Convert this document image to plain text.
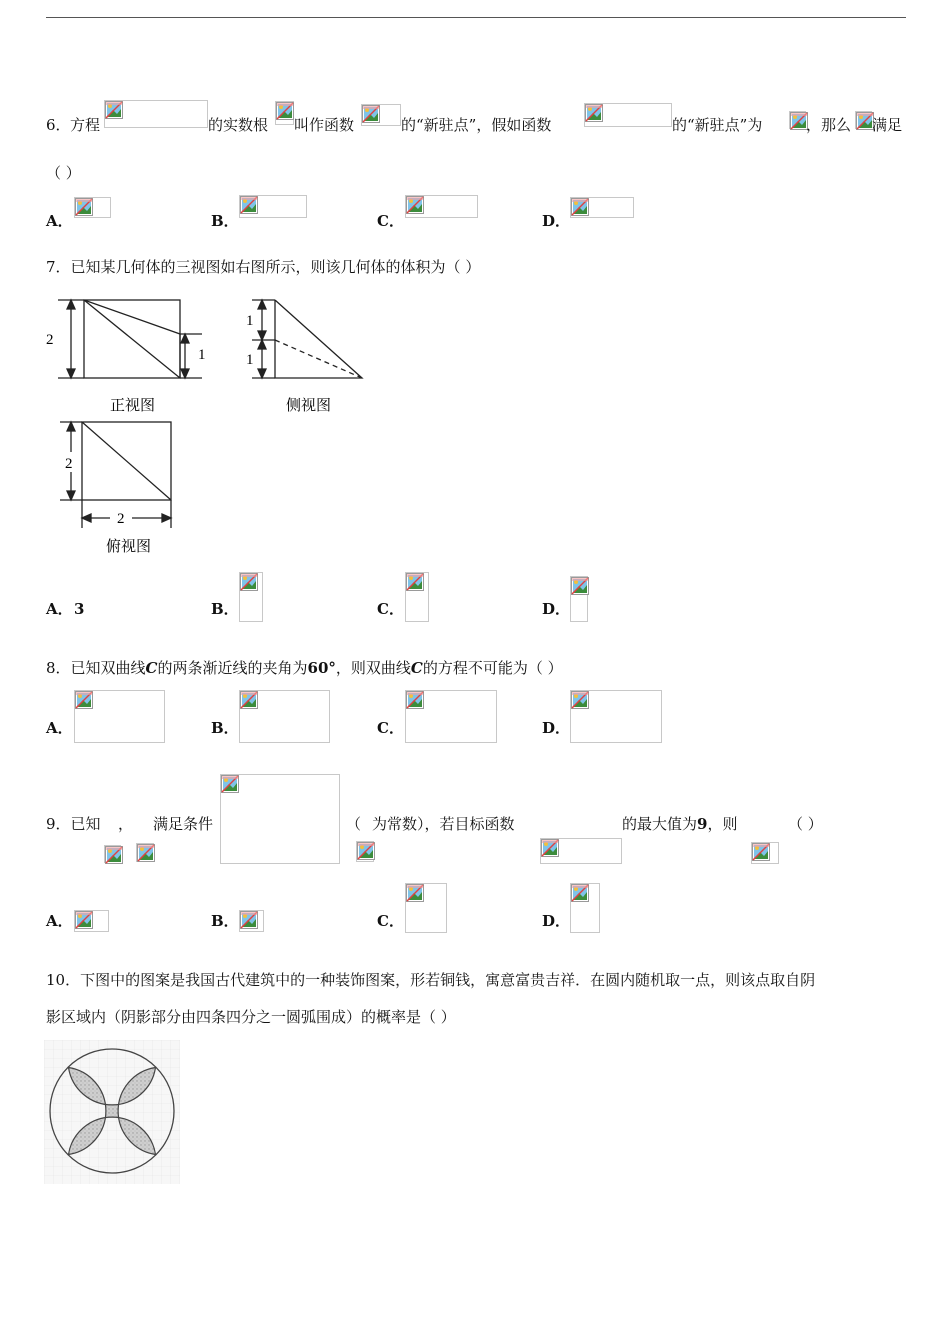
6． 方程	的实数根 叫作函数	的“新驻点”，假如函数	的“新驻点”为	，那么 满足
（ ）
A．	B．	C．	D．
7．已知某几何体的三视图如右图所示，则该几何体的体积为（ ）
2
1
正视图
1
1
侧视图
2
2
俯视图
A． 3	B．	C．	D．
8．已知双曲线C的两条渐近线的夹角为60°，则双曲线C的方程不可能为（ ）
A．	B．	C．	D．
9．已知 ， 满足条件	（ 为常数），若目标函数	的最大值为9，则	（ ）
A．	B．	C．	D．
10．下图中的图案是我国古代建筑中的一种装饰图案，形若铜钱，寓意富贵吉祥．在圆内随机取一点，则该点取自阴
影区域内（阴影部分由四条四分之一圆弧围成）的概率是（ ）
